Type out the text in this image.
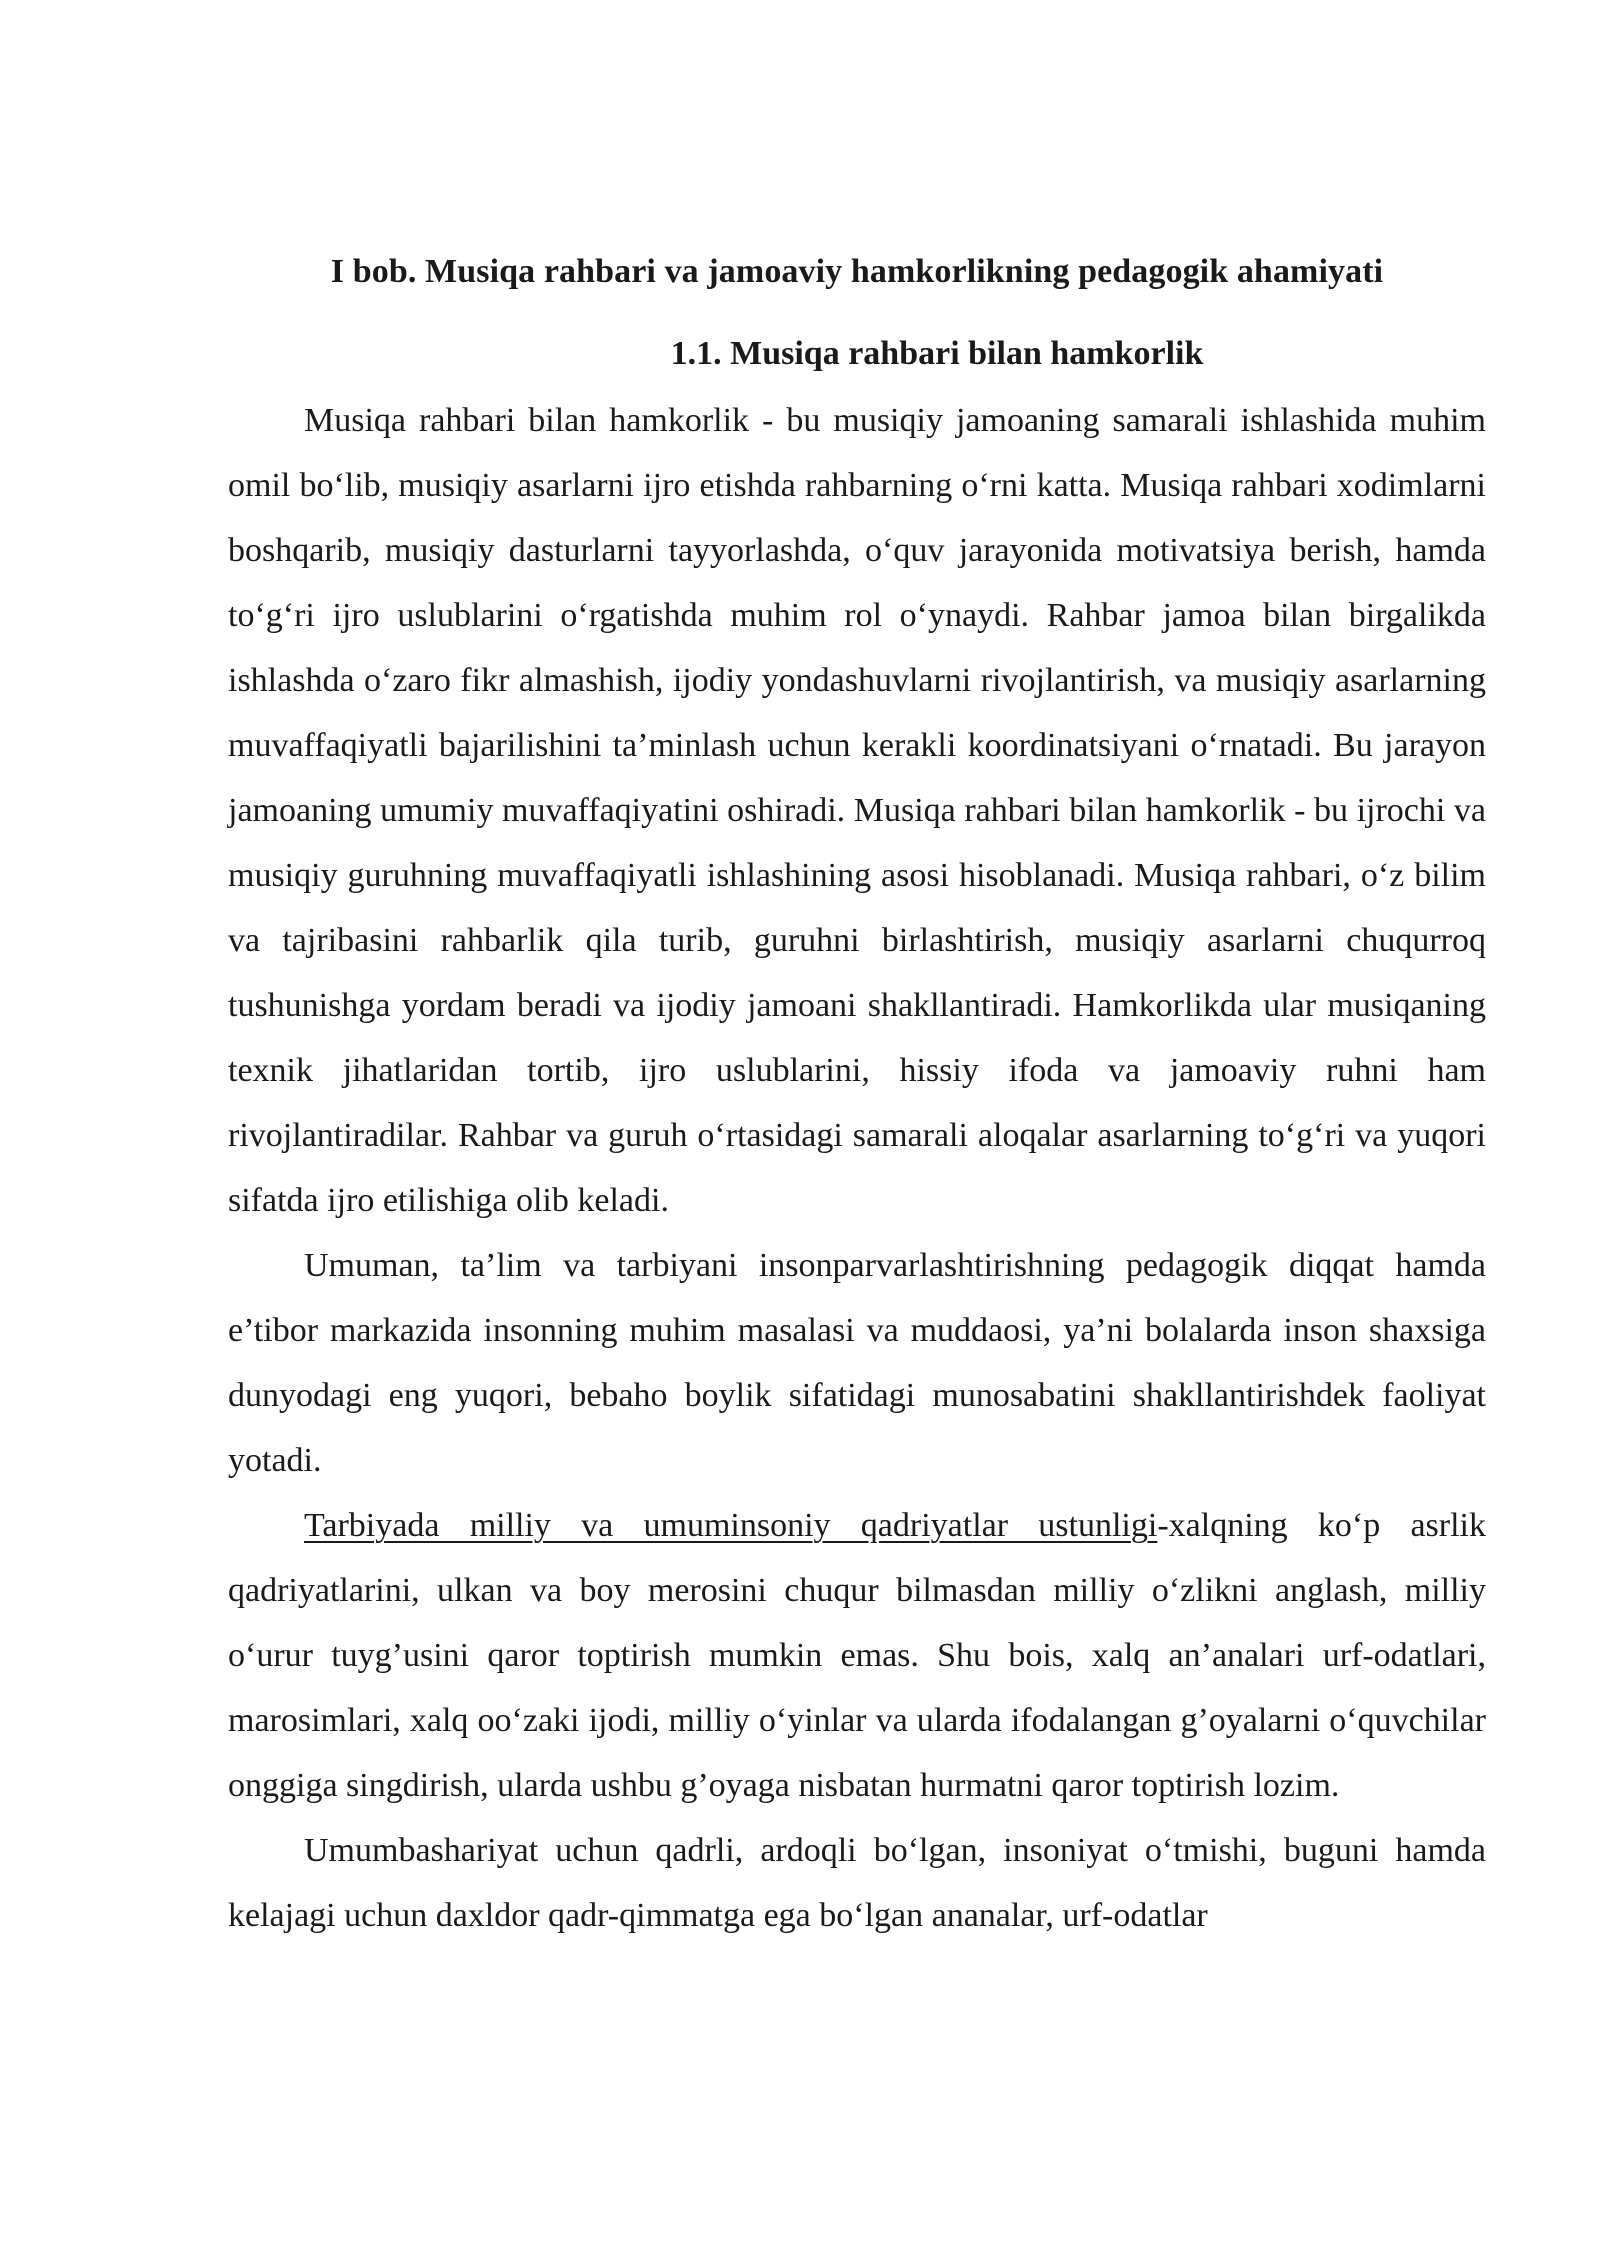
I bob. Musiqa rahbari va jamoaviy hamkorlikning pedagogik ahamiyati
1.1. Musiqa rahbari bilan hamkorlik

Musiqa rahbari bilan hamkorlik - bu musiqiy jamoaning samarali ishlashida muhim omil bo‘lib, musiqiy asarlarni ijro etishda rahbarning o‘rni katta. Musiqa rahbari xodimlarni boshqarib, musiqiy dasturlarni tayyorlashda, o‘quv jarayonida motivatsiya berish, hamda to‘g‘ri ijro uslublarini o‘rgatishda muhim rol o‘ynaydi. Rahbar jamoa bilan birgalikda ishlashda o‘zaro fikr almashish, ijodiy yondashuvlarni rivojlantirish, va musiqiy asarlarning muvaffaqiyatli bajarilishini ta’minlash uchun kerakli koordinatsiyani o‘rnatadi. Bu jarayon jamoaning umumiy muvaffaqiyatini oshiradi. Musiqa rahbari bilan hamkorlik - bu ijrochi va musiqiy guruhning muvaffaqiyatli ishlashining asosi hisoblanadi. Musiqa rahbari, o‘z bilim va tajribasini rahbarlik qila turib, guruhni birlashtirish, musiqiy asarlarni chuqurroq tushunishga yordam beradi va ijodiy jamoani shakllantiradi. Hamkorlikda ular musiqaning texnik jihatlaridan tortib, ijro uslublarini, hissiy ifoda va jamoaviy ruhni ham rivojlantiradilar. Rahbar va guruh o‘rtasidagi samarali aloqalar asarlarning to‘g‘ri va yuqori sifatda ijro etilishiga olib keladi.

Umuman, ta’lim va tarbiyani insonparvarlashtirishning pedagogik diqqat hamda e’tibor markazida insonning muhim masalasi va muddaosi, ya’ni bolalarda inson shaxsiga dunyodagi eng yuqori, bebaho boylik sifatidagi munosabatini shakllantirishdek faoliyat yotadi.

Tarbiyada milliy va umuminsoniy qadriyatlar ustunligi-xalqning ko‘p asrlik qadriyatlarini, ulkan va boy merosini chuqur bilmasdan milliy o‘zlikni anglash, milliy o‘urur tuyg’usini qaror toptirish mumkin emas. Shu bois, xalq an’analari urf-odatlari, marosimlari, xalq oo‘zaki ijodi, milliy o‘yinlar va ularda ifodalangan g’oyalarni o‘quvchilar onggiga singdirish, ularda ushbu g’oyaga nisbatan hurmatni qaror toptirish lozim.

Umumbashariyat uchun qadrli, ardoqli bo‘lgan, insoniyat o‘tmishi, buguni hamda kelajagi uchun daxldor qadr-qimmatga ega bo‘lgan ananalar, urf-odatlar
